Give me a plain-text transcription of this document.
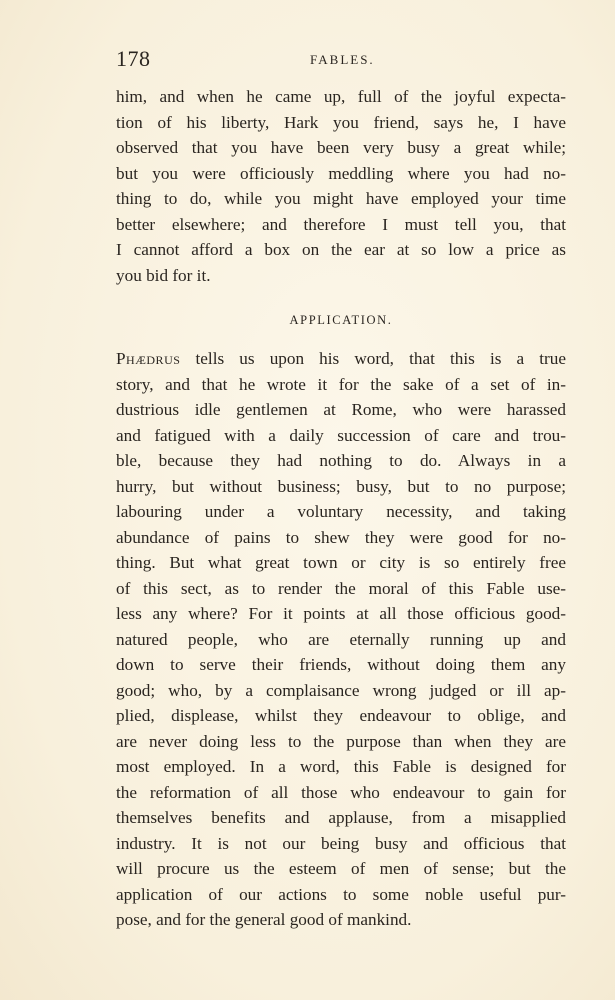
178	FABLES.
him, and when he came up, full of the joyful expecta-
tion of his liberty, Hark you friend, says he, I have
observed that you have been very busy a great while;
but you were officiously meddling where you had no-
thing to do, while you might have employed your time
better elsewhere; and therefore I must tell you, that
I cannot afford a box on the ear at so low a price as
you bid for it.
APPLICATION.
Phædrus tells us upon his word, that this is a true
story, and that he wrote it for the sake of a set of in-
dustrious idle gentlemen at Rome, who were harassed
and fatigued with a daily succession of care and trou-
ble, because they had nothing to do. Always in a
hurry, but without business; busy, but to no purpose;
labouring under a voluntary necessity, and taking
abundance of pains to shew they were good for no-
thing. But what great town or city is so entirely free
of this sect, as to render the moral of this Fable use-
less any where? For it points at all those officious good-
natured people, who are eternally running up and
down to serve their friends, without doing them any
good; who, by a complaisance wrong judged or ill ap-
plied, displease, whilst they endeavour to oblige, and
are never doing less to the purpose than when they are
most employed. In a word, this Fable is designed for
the reformation of all those who endeavour to gain for
themselves benefits and applause, from a misapplied
industry. It is not our being busy and officious that
will procure us the esteem of men of sense; but the
application of our actions to some noble useful pur-
pose, and for the general good of mankind.
